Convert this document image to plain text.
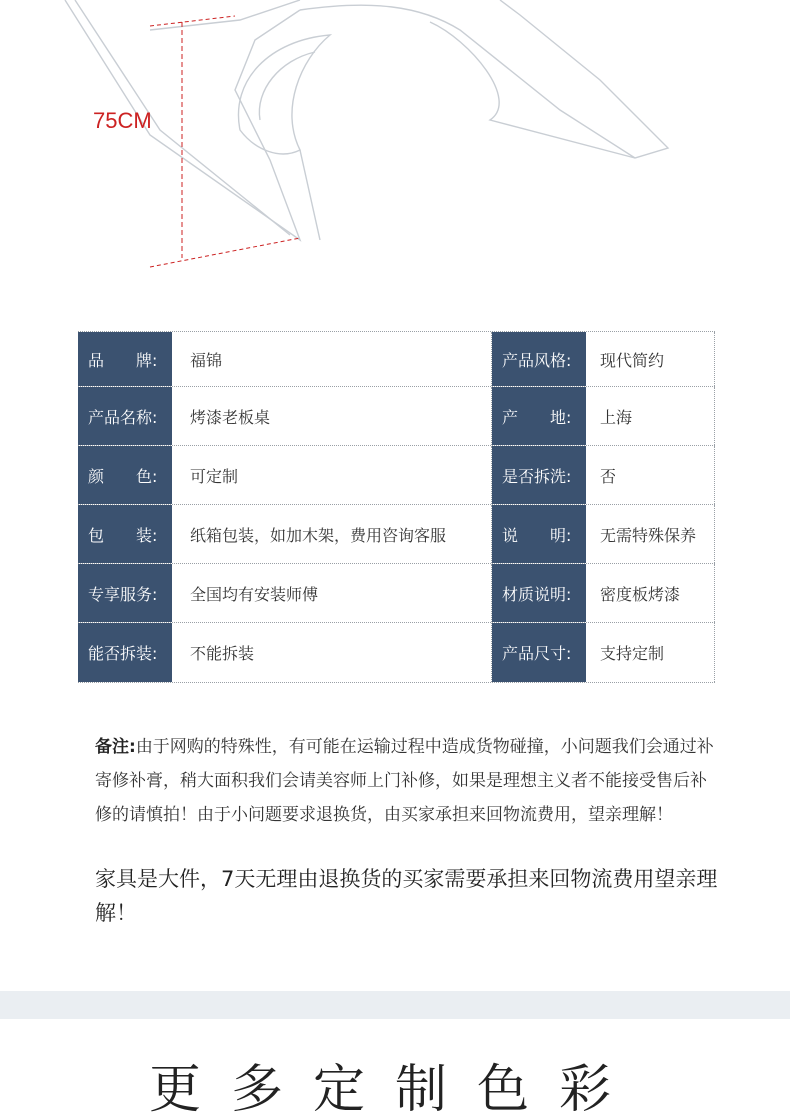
75CM
品　　牌:	福锦	产品风格:	现代简约
产品名称:	烤漆老板桌	产　　地:	上海
颜　　色:	可定制	是否拆洗:	否
包　　装:	纸箱包装，如加木架，费用咨询客服	说　　明:	无需特殊保养
专享服务:	全国均有安装师傅	材质说明:	密度板烤漆
能否拆装:	不能拆装	产品尺寸:	支持定制
备注:由于网购的特殊性，有可能在运输过程中造成货物碰撞，小问题我们会通过补寄修补膏，稍大面积我们会请美容师上门补修，如果是理想主义者不能接受售后补修的请慎拍！由于小问题要求退换货，由买家承担来回物流费用，望亲理解！
家具是大件，7天无理由退换货的买家需要承担来回物流费用望亲理解！
更多定制色彩
